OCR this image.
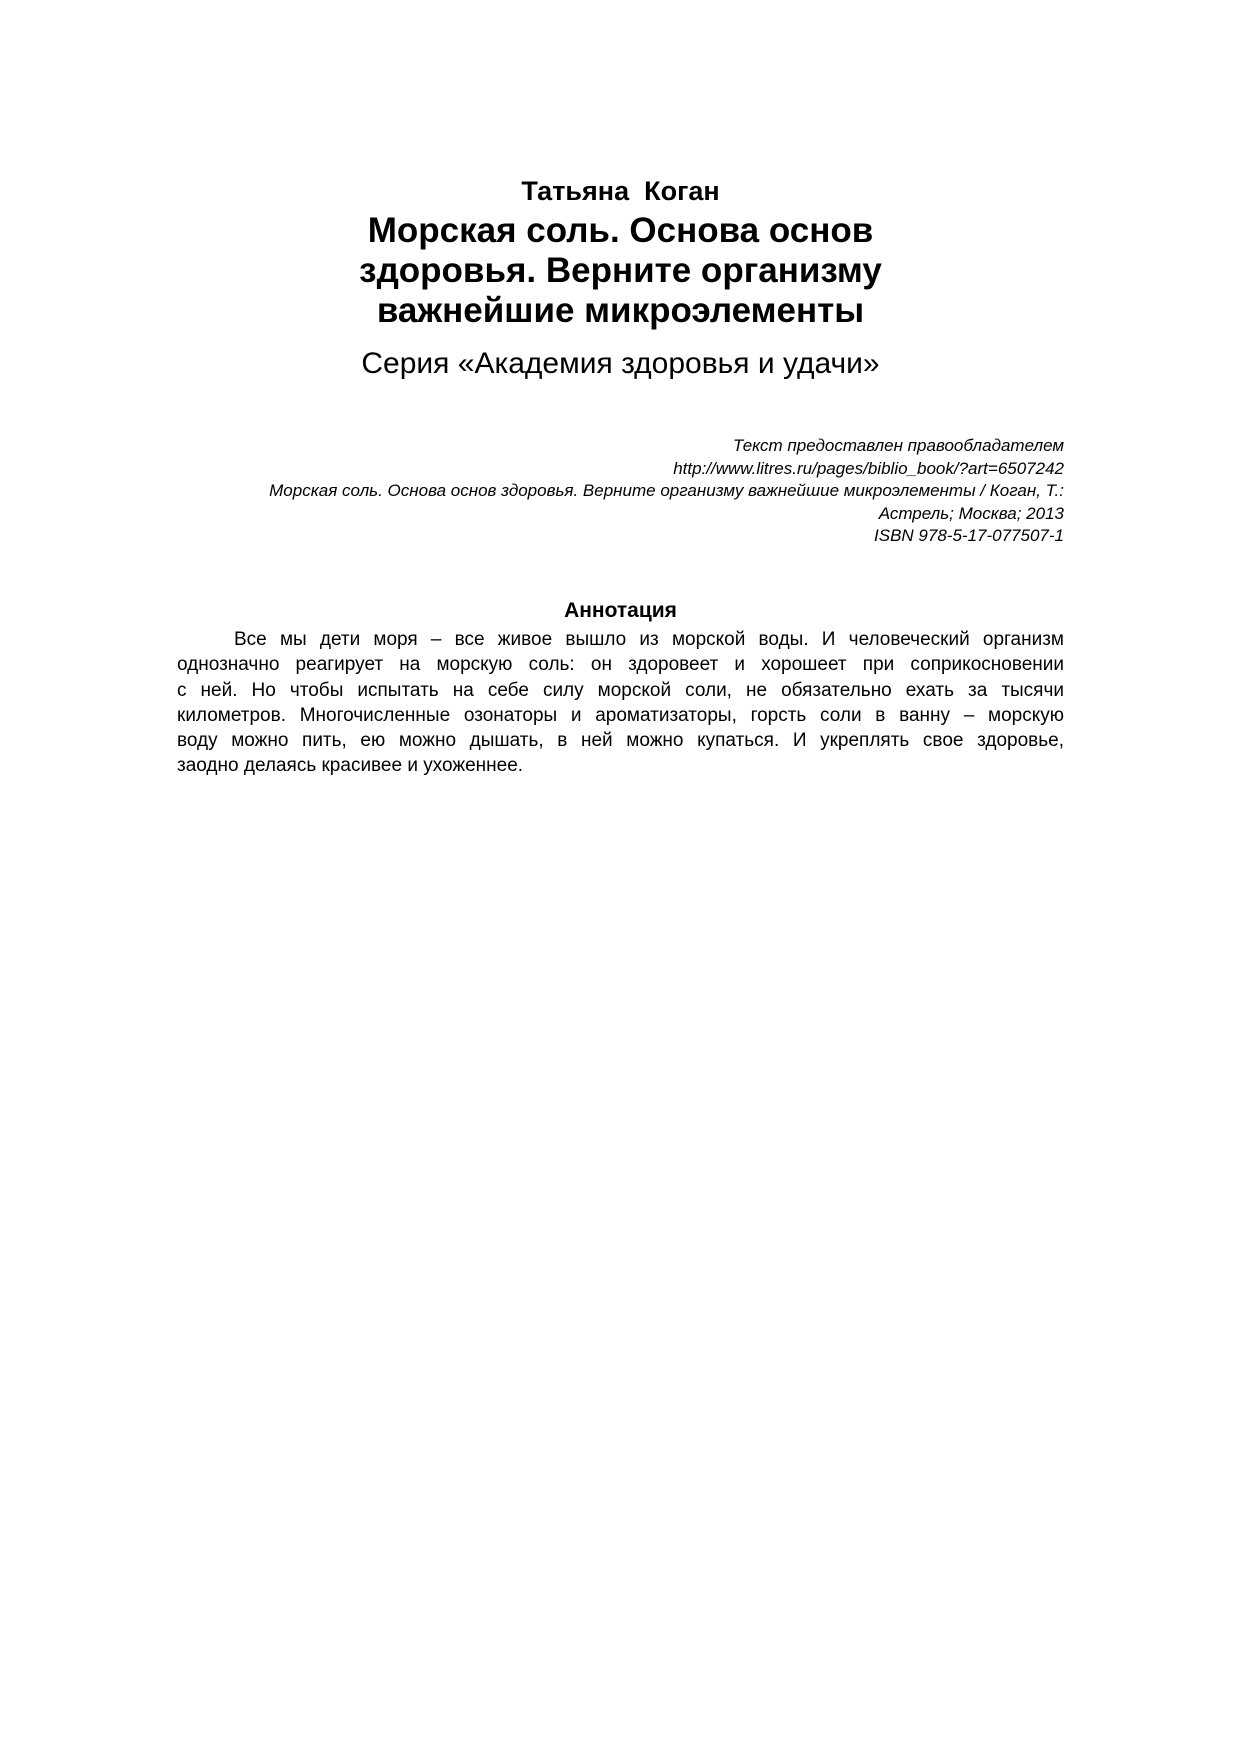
Татьяна  Коган
Морская соль. Основа основ
здоровья. Верните организму
важнейшие микроэлементы
Серия «Академия здоровья и удачи»
Текст предоставлен правообладателем
http://www.litres.ru/pages/biblio_book/?art=6507242
Морская соль. Основа основ здоровья. Верните организму важнейшие микроэлементы / Коган, Т.:
Астрель; Москва; 2013
ISBN 978-5-17-077507-1
Аннотация
Все мы дети моря – все живое вышло из морской воды. И человеческий организм
однозначно реагирует на морскую соль: он здоровеет и хорошеет при соприкосновении
с ней. Но чтобы испытать на себе силу морской соли, не обязательно ехать за тысячи
километров. Многочисленные озонаторы и ароматизаторы, горсть соли в ванну – морскую
воду можно пить, ею можно дышать, в ней можно купаться. И укреплять свое здоровье,
заодно делаясь красивее и ухоженнее.
